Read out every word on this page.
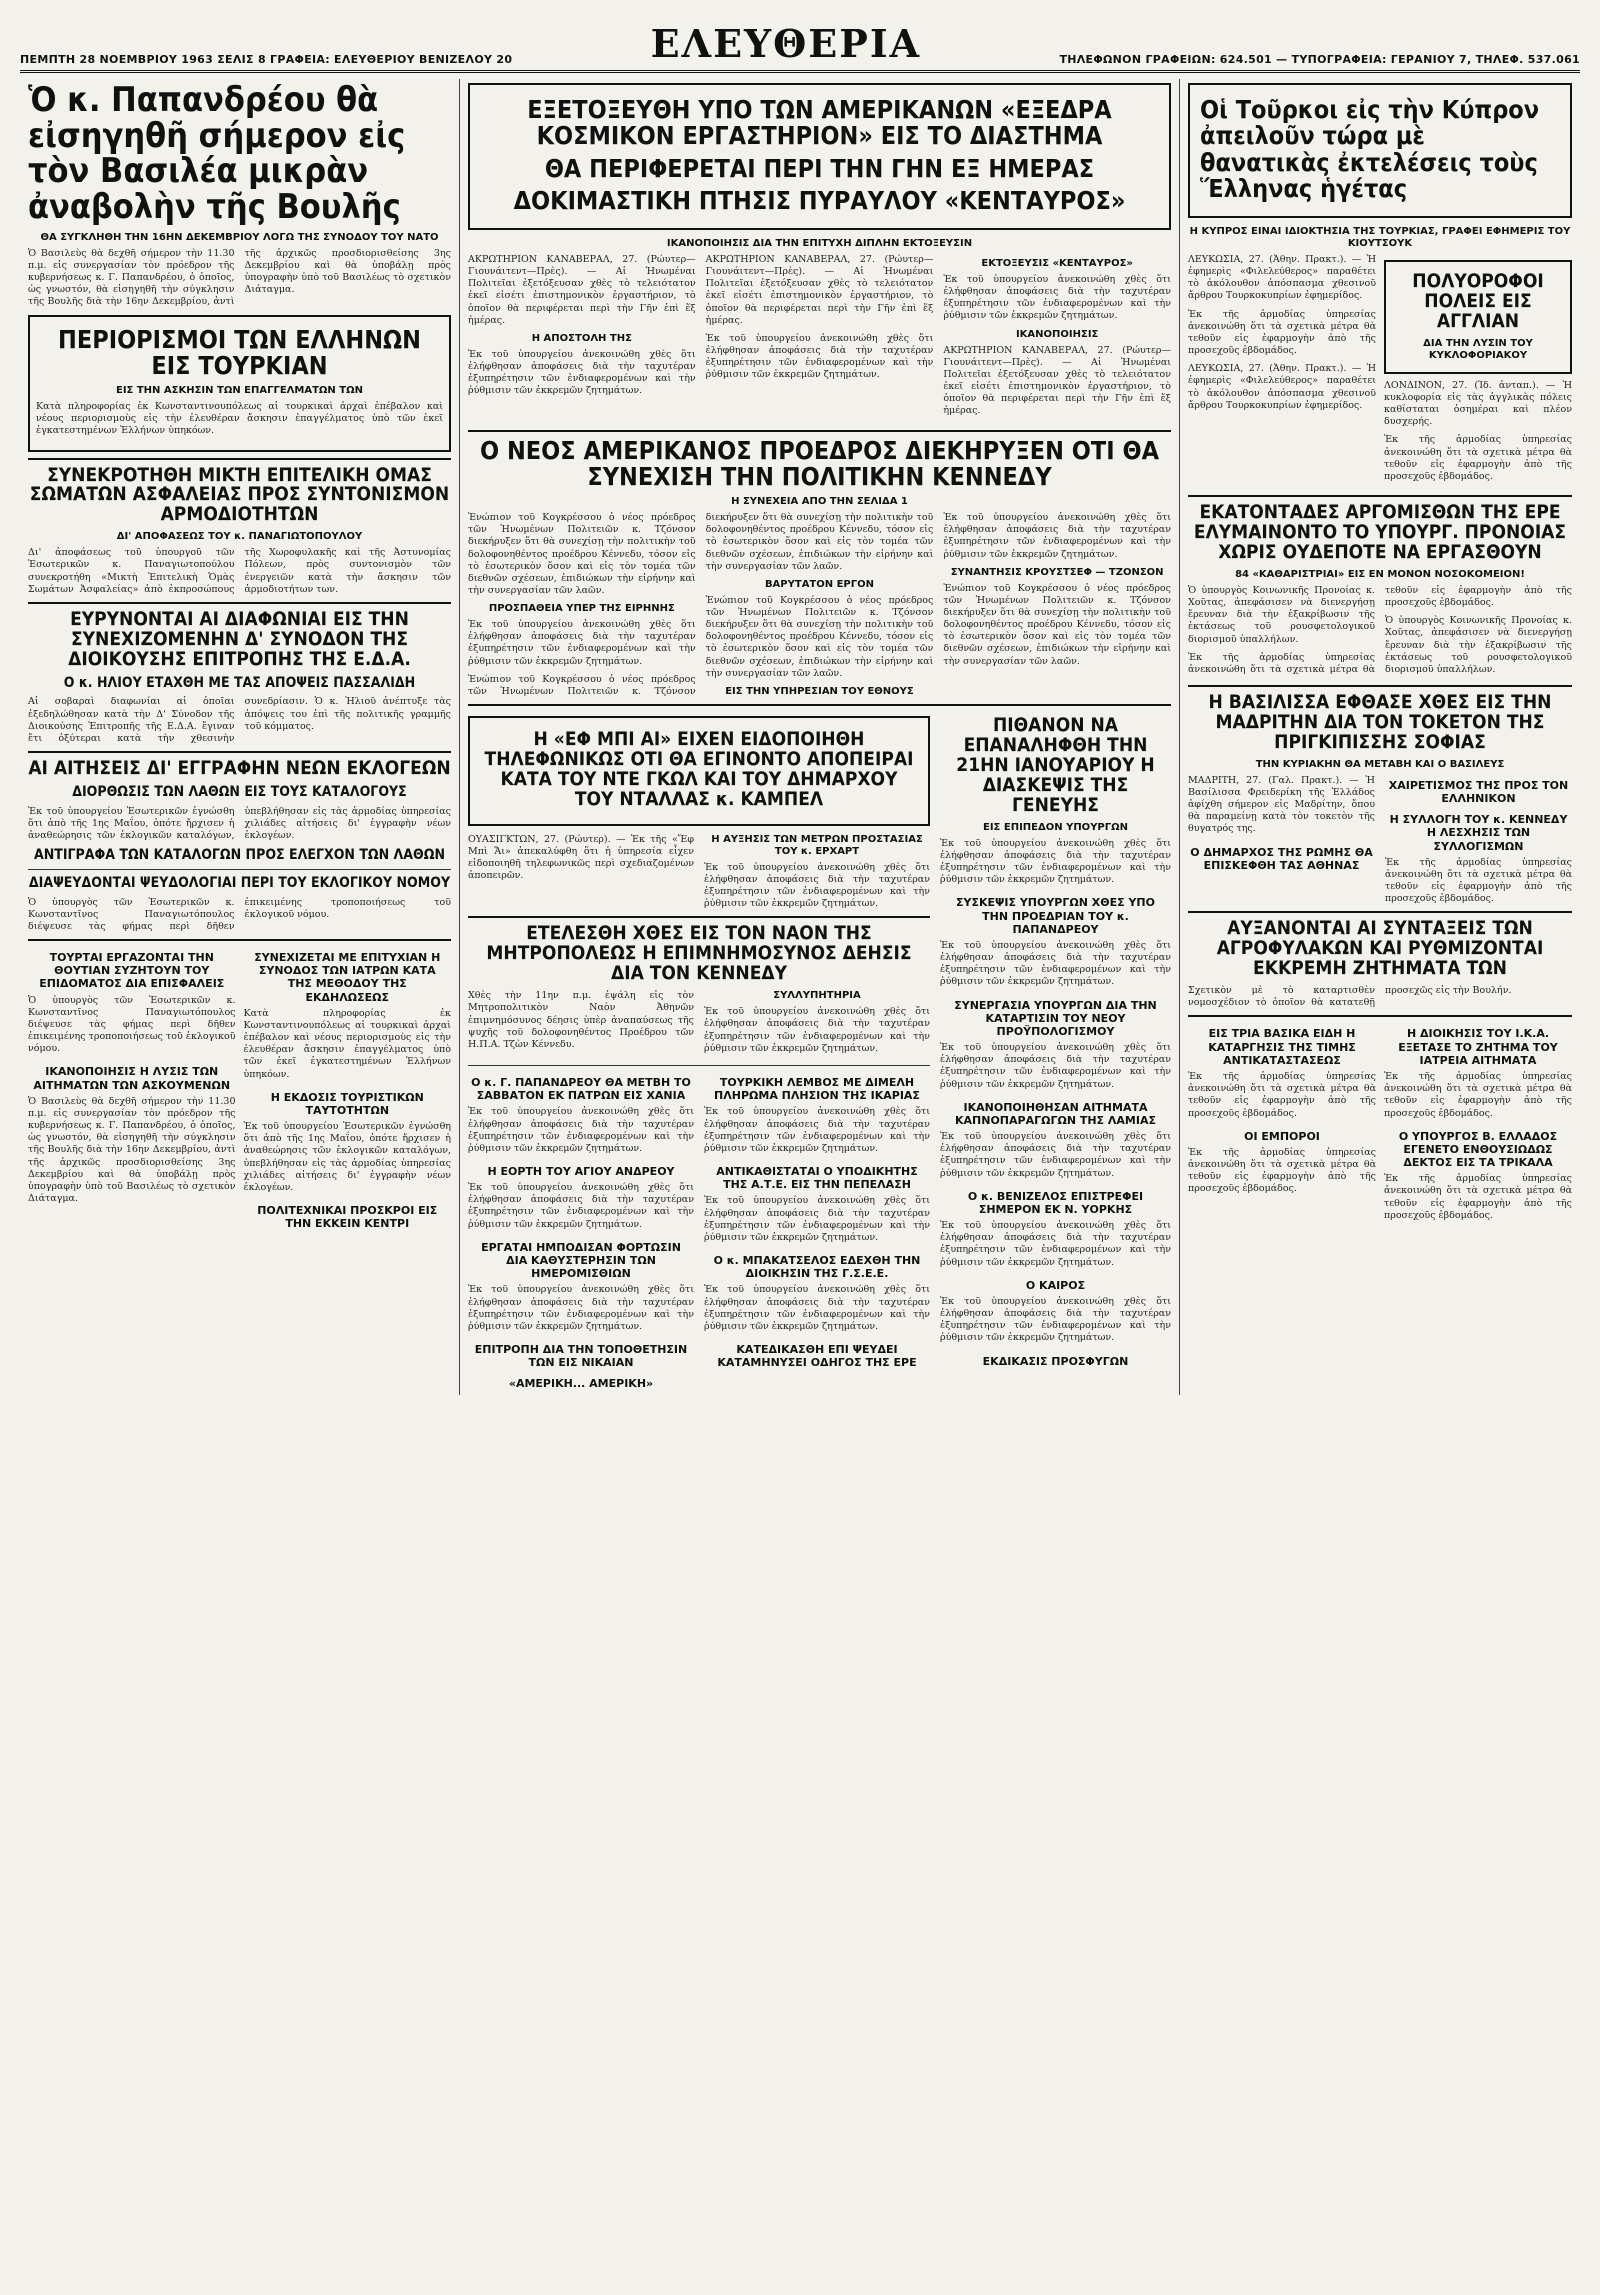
ΠΕΜΠΤΗ 28 ΝΟΕΜΒΡΙΟΥ 1963 ΣΕΛΙΣ 8 ΓΡΑΦΕΙΑ: ΕΛΕΥΘΕΡΙΟΥ ΒΕΝΙΖΕΛΟΥ 20	ΕΛΕΥΘΕΡΙΑ	ΤΗΛΕΦΩΝΟΝ ΓΡΑΦΕΙΩΝ: 624.501 — ΤΥΠΟΓΡΑΦΕΙΑ: ΓΕΡΑΝΙΟΥ 7, ΤΗΛΕΦ. 537.061
Ὁ κ. Παπανδρέου θὰ εἰσηγηθῆ σήμερον εἰς τὸν Βασιλέα μικρὰν ἀναβολὴν τῆς Βουλῆς
ΘΑ ΣΥΓΚΛΗΘΗ ΤΗΝ 16ΗΝ ΔΕΚΕΜΒΡΙΟΥ ΛΟΓΩ ΤΗΣ ΣΥΝΟΔΟΥ ΤΟΥ ΝΑΤΟ

Ὁ Βασιλεὺς θὰ δεχθῆ σήμερον τὴν 11.30 π.μ. εἰς συνεργασίαν τὸν πρόεδρον τῆς κυβερνήσεως κ. Γ. Παπανδρέου, ὁ ὁποῖος, ὡς γνωστόν, θὰ εἰσηγηθῆ τὴν σύγκλησιν τῆς Βουλῆς διὰ τὴν 16ην Δεκεμβρίου, ἀντὶ τῆς ἀρχικῶς προσδιορισθείσης 3ης Δεκεμβρίου καὶ θὰ ὑποβάλῃ πρὸς ὑπογραφὴν ὑπὸ τοῦ Βασιλέως τὸ σχετικὸν Διάταγμα.

ΠΕΡΙΟΡΙΣΜΟΙ ΤΩΝ ΕΛΛΗΝΩΝ ΕΙΣ ΤΟΥΡΚΙΑΝ
ΕΙΣ ΤΗΝ ΑΣΚΗΣΙΝ ΤΩΝ ΕΠΑΓΓΕΛΜΑΤΩΝ ΤΩΝ

Κατὰ πληροφορίας ἐκ Κωνσταντινουπόλεως αἱ τουρκικαὶ ἀρχαὶ ἐπέβαλον καὶ νέους περιορισμοὺς εἰς τὴν ἐλευθέραν ἄσκησιν ἐπαγγέλματος ὑπὸ τῶν ἐκεῖ ἐγκατεστημένων Ἑλλήνων ὑπηκόων.

ΣΥΝΕΚΡΟΤΗΘΗ ΜΙΚΤΗ ΕΠΙΤΕΛΙΚΗ ΟΜΑΣ ΣΩΜΑΤΩΝ ΑΣΦΑΛΕΙΑΣ ΠΡΟΣ ΣΥΝΤΟΝΙΣΜΟΝ ΑΡΜΟΔΙΟΤΗΤΩΝ
ΔΙ' ΑΠΟΦΑΣΕΩΣ ΤΟΥ κ. ΠΑΝΑΓΙΩΤΟΠΟΥΛΟΥ

Δι' ἀποφάσεως τοῦ ὑπουργοῦ τῶν Ἐσωτερικῶν κ. Παναγιωτοπούλου συνεκροτήθη «Μικτὴ Ἐπιτελικὴ Ὁμὰς Σωμάτων Ἀσφαλείας» ἀπὸ ἐκπροσώπους τῆς Χωροφυλακῆς καὶ τῆς Ἀστυνομίας Πόλεων, πρὸς συντονισμὸν τῶν ἐνεργειῶν κατὰ τὴν ἄσκησιν τῶν ἁρμοδιοτήτων των.

ΕΥΡΥΝΟΝΤΑΙ ΑΙ ΔΙΑΦΩΝΙΑΙ ΕΙΣ ΤΗΝ ΣΥΝΕΧΙΖΟΜΕΝΗΝ Δ' ΣΥΝΟΔΟΝ ΤΗΣ ΔΙΟΙΚΟΥΣΗΣ ΕΠΙΤΡΟΠΗΣ ΤΗΣ Ε.Δ.Α.
Ο κ. ΗΛΙΟΥ ΕΤΑΧΘΗ ΜΕ ΤΑΣ ΑΠΟΨΕΙΣ ΠΑΣΣΑΛΙΔΗ

Αἱ σοβαραὶ διαφωνίαι αἱ ὁποῖαι ἐξεδηλώθησαν κατὰ τὴν Δ' Σύνοδον τῆς Διοικούσης Ἐπιτροπῆς τῆς Ε.Δ.Α. ἔγιναν ἔτι ὀξύτεραι κατὰ τὴν χθεσινὴν συνεδρίασιν. Ὁ κ. Ἠλιοῦ ἀνέπτυξε τὰς ἀπόψεις του ἐπὶ τῆς πολιτικῆς γραμμῆς τοῦ κόμματος.

ΑΙ ΑΙΤΗΣΕΙΣ ΔΙ' ΕΓΓΡΑΦΗΝ ΝΕΩΝ ΕΚΛΟΓΕΩΝ
ΔΙΟΡΘΩΣΙΣ ΤΩΝ ΛΑΘΩΝ ΕΙΣ ΤΟΥΣ ΚΑΤΑΛΟΓΟΥΣ

Ἐκ τοῦ ὑπουργείου Ἐσωτερικῶν ἐγνώσθη ὅτι ἀπὸ τῆς 1ης Μαΐου, ὁπότε ἤρχισεν ἡ ἀναθεώρησις τῶν ἐκλογικῶν καταλόγων, ὑπεβλήθησαν εἰς τὰς ἁρμοδίας ὑπηρεσίας χιλιάδες αἰτήσεις δι' ἐγγραφὴν νέων ἐκλογέων.

ΑΝΤΙΓΡΑΦΑ ΤΩΝ ΚΑΤΑΛΟΓΩΝ ΠΡΟΣ ΕΛΕΓΧΟΝ ΤΩΝ ΛΑΘΩΝ
ΔΙΑΨΕΥΔΟΝΤΑΙ ΨΕΥΔΟΛΟΓΙΑΙ ΠΕΡΙ ΤΟΥ ΕΚΛΟΓΙΚΟΥ ΝΟΜΟΥ

Ὁ ὑπουργὸς τῶν Ἐσωτερικῶν κ. Κωνσταντῖνος Παναγιωτόπουλος διέψευσε τὰς φήμας περὶ δῆθεν ἐπικειμένης τροποποιήσεως τοῦ ἐκλογικοῦ νόμου.

ΤΟΥΡΤΑΙ ΕΡΓΑΖΟΝΤΑΙ ΤΗΝ ΘΟΥΤΙΑΝ ΣΥΖΗΤΟΥΝ ΤΟΥ ΕΠΙΔΟΜΑΤΟΣ ΔΙΑ ΕΠΙΣΦΑΛΕΙΣ

Ὁ ὑπουργὸς τῶν Ἐσωτερικῶν κ. Κωνσταντῖνος Παναγιωτόπουλος διέψευσε τὰς φήμας περὶ δῆθεν ἐπικειμένης τροποποιήσεως τοῦ ἐκλογικοῦ νόμου.

ΙΚΑΝΟΠΟΙΗΣΙΣ Η ΛΥΣΙΣ ΤΩΝ ΑΙΤΗΜΑΤΩΝ ΤΩΝ ΑΣΚΟΥΜΕΝΩΝ

Ὁ Βασιλεὺς θὰ δεχθῆ σήμερον τὴν 11.30 π.μ. εἰς συνεργασίαν τὸν πρόεδρον τῆς κυβερνήσεως κ. Γ. Παπανδρέου, ὁ ὁποῖος, ὡς γνωστόν, θὰ εἰσηγηθῆ τὴν σύγκλησιν τῆς Βουλῆς διὰ τὴν 16ην Δεκεμβρίου, ἀντὶ τῆς ἀρχικῶς προσδιορισθείσης 3ης Δεκεμβρίου καὶ θὰ ὑποβάλῃ πρὸς ὑπογραφὴν ὑπὸ τοῦ Βασιλέως τὸ σχετικὸν Διάταγμα.

ΣΥΝΕΧΙΖΕΤΑΙ ΜΕ ΕΠΙΤΥΧΙΑΝ Η ΣΥΝΟΔΟΣ ΤΩΝ ΙΑΤΡΩΝ ΚΑΤΑ ΤΗΣ ΜΕΘΟΔΟΥ ΤΗΣ ΕΚΔΗΛΩΣΕΩΣ

Κατὰ πληροφορίας ἐκ Κωνσταντινουπόλεως αἱ τουρκικαὶ ἀρχαὶ ἐπέβαλον καὶ νέους περιορισμοὺς εἰς τὴν ἐλευθέραν ἄσκησιν ἐπαγγέλματος ὑπὸ τῶν ἐκεῖ ἐγκατεστημένων Ἑλλήνων ὑπηκόων.

Η ΕΚΔΟΣΙΣ ΤΟΥΡΙΣΤΙΚΩΝ ΤΑΥΤΟΤΗΤΩΝ

Ἐκ τοῦ ὑπουργείου Ἐσωτερικῶν ἐγνώσθη ὅτι ἀπὸ τῆς 1ης Μαΐου, ὁπότε ἤρχισεν ἡ ἀναθεώρησις τῶν ἐκλογικῶν καταλόγων, ὑπεβλήθησαν εἰς τὰς ἁρμοδίας ὑπηρεσίας χιλιάδες αἰτήσεις δι' ἐγγραφὴν νέων ἐκλογέων.

ΠΟΛΙΤΕΧΝΙΚΑΙ ΠΡΟΣΚΡΟΙ ΕΙΣ ΤΗΝ ΕΚΚΕΙΝ ΚΕΝΤΡΙ
ΕΞΕΤΟΞΕΥΘΗ ΥΠΟ ΤΩΝ ΑΜΕΡΙΚΑΝΩΝ «ΕΞΕΔΡΑ ΚΟΣΜΙΚΟΝ ΕΡΓΑΣΤΗΡΙΟΝ» ΕΙΣ ΤΟ ΔΙΑΣΤΗΜΑ
ΘΑ ΠΕΡΙΦΕΡΕΤΑΙ ΠΕΡΙ ΤΗΝ ΓΗΝ ΕΞ ΗΜΕΡΑΣ
ΔΟΚΙΜΑΣΤΙΚΗ ΠΤΗΣΙΣ ΠΥΡΑΥΛΟΥ «ΚΕΝΤΑΥΡΟΣ»
ΙΚΑΝΟΠΟΙΗΣΙΣ ΔΙΑ ΤΗΝ ΕΠΙΤΥΧΗ ΔΙΠΛΗΝ ΕΚΤΟΞΕΥΣΙΝ

ΑΚΡΩΤΗΡΙΟΝ ΚΑΝΑΒΕΡΑΛ, 27. (Ρώυτερ—Γιουνάιτεντ—Πρὲς). — Αἱ Ἡνωμέναι Πολιτεῖαι ἐξετόξευσαν χθὲς τὸ τελειότατον ἐκεῖ εἰσέτι ἐπιστημονικὸν ἐργαστήριον, τὸ ὁποῖον θὰ περιφέρεται περὶ τὴν Γῆν ἐπὶ ἕξ ἡμέρας.

Η ΑΠΟΣΤΟΛΗ ΤΗΣ

Ἐκ τοῦ ὑπουργείου ἀνεκοινώθη χθὲς ὅτι ἐλήφθησαν ἀποφάσεις διὰ τὴν ταχυτέραν ἐξυπηρέτησιν τῶν ἐνδιαφερομένων καὶ τὴν ῥύθμισιν τῶν ἐκκρεμῶν ζητημάτων.

ΑΚΡΩΤΗΡΙΟΝ ΚΑΝΑΒΕΡΑΛ, 27. (Ρώυτερ—Γιουνάιτεντ—Πρὲς). — Αἱ Ἡνωμέναι Πολιτεῖαι ἐξετόξευσαν χθὲς τὸ τελειότατον ἐκεῖ εἰσέτι ἐπιστημονικὸν ἐργαστήριον, τὸ ὁποῖον θὰ περιφέρεται περὶ τὴν Γῆν ἐπὶ ἕξ ἡμέρας.

Ἐκ τοῦ ὑπουργείου ἀνεκοινώθη χθὲς ὅτι ἐλήφθησαν ἀποφάσεις διὰ τὴν ταχυτέραν ἐξυπηρέτησιν τῶν ἐνδιαφερομένων καὶ τὴν ῥύθμισιν τῶν ἐκκρεμῶν ζητημάτων.

ΕΚΤΟΞΕΥΣΙΣ «ΚΕΝΤΑΥΡΟΣ»

Ἐκ τοῦ ὑπουργείου ἀνεκοινώθη χθὲς ὅτι ἐλήφθησαν ἀποφάσεις διὰ τὴν ταχυτέραν ἐξυπηρέτησιν τῶν ἐνδιαφερομένων καὶ τὴν ῥύθμισιν τῶν ἐκκρεμῶν ζητημάτων.

ΙΚΑΝΟΠΟΙΗΣΙΣ

ΑΚΡΩΤΗΡΙΟΝ ΚΑΝΑΒΕΡΑΛ, 27. (Ρώυτερ—Γιουνάιτεντ—Πρὲς). — Αἱ Ἡνωμέναι Πολιτεῖαι ἐξετόξευσαν χθὲς τὸ τελειότατον ἐκεῖ εἰσέτι ἐπιστημονικὸν ἐργαστήριον, τὸ ὁποῖον θὰ περιφέρεται περὶ τὴν Γῆν ἐπὶ ἕξ ἡμέρας.

Ο ΝΕΟΣ ΑΜΕΡΙΚΑΝΟΣ ΠΡΟΕΔΡΟΣ ΔΙΕΚΗΡΥΞΕΝ ΟΤΙ ΘΑ ΣΥΝΕΧΙΣΗ ΤΗΝ ΠΟΛΙΤΙΚΗΝ ΚΕΝΝΕΔΥ
Η ΣΥΝΕΧΕΙΑ ΑΠΟ ΤΗΝ ΣΕΛΙΔΑ 1

Ἐνώπιον τοῦ Κογκρέσσου ὁ νέος πρόεδρος τῶν Ἡνωμένων Πολιτειῶν κ. Τζόνσον διεκήρυξεν ὅτι θὰ συνεχίσῃ τὴν πολιτικὴν τοῦ δολοφονηθέντος προέδρου Κέννεδυ, τόσον εἰς τὸ ἐσωτερικὸν ὅσον καὶ εἰς τὸν τομέα τῶν διεθνῶν σχέσεων, ἐπιδιώκων τὴν εἰρήνην καὶ τὴν συνεργασίαν τῶν λαῶν.

ΠΡΟΣΠΑΘΕΙΑ ΥΠΕΡ ΤΗΣ ΕΙΡΗΝΗΣ

Ἐκ τοῦ ὑπουργείου ἀνεκοινώθη χθὲς ὅτι ἐλήφθησαν ἀποφάσεις διὰ τὴν ταχυτέραν ἐξυπηρέτησιν τῶν ἐνδιαφερομένων καὶ τὴν ῥύθμισιν τῶν ἐκκρεμῶν ζητημάτων.

Ἐνώπιον τοῦ Κογκρέσσου ὁ νέος πρόεδρος τῶν Ἡνωμένων Πολιτειῶν κ. Τζόνσον διεκήρυξεν ὅτι θὰ συνεχίσῃ τὴν πολιτικὴν τοῦ δολοφονηθέντος προέδρου Κέννεδυ, τόσον εἰς τὸ ἐσωτερικὸν ὅσον καὶ εἰς τὸν τομέα τῶν διεθνῶν σχέσεων, ἐπιδιώκων τὴν εἰρήνην καὶ τὴν συνεργασίαν τῶν λαῶν.

ΒΑΡΥΤΑΤΟΝ ΕΡΓΟΝ

Ἐνώπιον τοῦ Κογκρέσσου ὁ νέος πρόεδρος τῶν Ἡνωμένων Πολιτειῶν κ. Τζόνσον διεκήρυξεν ὅτι θὰ συνεχίσῃ τὴν πολιτικὴν τοῦ δολοφονηθέντος προέδρου Κέννεδυ, τόσον εἰς τὸ ἐσωτερικὸν ὅσον καὶ εἰς τὸν τομέα τῶν διεθνῶν σχέσεων, ἐπιδιώκων τὴν εἰρήνην καὶ τὴν συνεργασίαν τῶν λαῶν.

ΕΙΣ ΤΗΝ ΥΠΗΡΕΣΙΑΝ ΤΟΥ ΕΘΝΟΥΣ

Ἐκ τοῦ ὑπουργείου ἀνεκοινώθη χθὲς ὅτι ἐλήφθησαν ἀποφάσεις διὰ τὴν ταχυτέραν ἐξυπηρέτησιν τῶν ἐνδιαφερομένων καὶ τὴν ῥύθμισιν τῶν ἐκκρεμῶν ζητημάτων.

ΣΥΝΑΝΤΗΣΙΣ ΚΡΟΥΣΤΣΕΦ — ΤΖΟΝΣΟΝ

Ἐνώπιον τοῦ Κογκρέσσου ὁ νέος πρόεδρος τῶν Ἡνωμένων Πολιτειῶν κ. Τζόνσον διεκήρυξεν ὅτι θὰ συνεχίσῃ τὴν πολιτικὴν τοῦ δολοφονηθέντος προέδρου Κέννεδυ, τόσον εἰς τὸ ἐσωτερικὸν ὅσον καὶ εἰς τὸν τομέα τῶν διεθνῶν σχέσεων, ἐπιδιώκων τὴν εἰρήνην καὶ τὴν συνεργασίαν τῶν λαῶν.

Η «ΕΦ ΜΠΙ ΑΙ» ΕΙΧΕΝ ΕΙΔΟΠΟΙΗΘΗ ΤΗΛΕΦΩΝΙΚΩΣ ΟΤΙ ΘΑ ΕΓΙΝΟΝΤΟ ΑΠΟΠΕΙΡΑΙ ΚΑΤΑ ΤΟΥ ΝΤΕ ΓΚΩΛ ΚΑΙ ΤΟΥ ΔΗΜΑΡΧΟΥ ΤΟΥ ΝΤΑΛΛΑΣ κ. ΚΑΜΠΕΛ

ΟΥΑΣΙΓΚΤΩΝ, 27. (Ρώυτερ). — Ἐκ τῆς «Ἔφ Μπὶ Ἄι» ἀπεκαλύφθη ὅτι ἡ ὑπηρεσία εἶχεν εἰδοποιηθῆ τηλεφωνικῶς περὶ σχεδιαζομένων ἀποπειρῶν.

Η ΑΥΞΗΣΙΣ ΤΩΝ ΜΕΤΡΩΝ ΠΡΟΣΤΑΣΙΑΣ ΤΟΥ κ. ΕΡΧΑΡΤ

Ἐκ τοῦ ὑπουργείου ἀνεκοινώθη χθὲς ὅτι ἐλήφθησαν ἀποφάσεις διὰ τὴν ταχυτέραν ἐξυπηρέτησιν τῶν ἐνδιαφερομένων καὶ τὴν ῥύθμισιν τῶν ἐκκρεμῶν ζητημάτων.

ΕΤΕΛΕΣΘΗ ΧΘΕΣ ΕΙΣ ΤΟΝ ΝΑΟΝ ΤΗΣ ΜΗΤΡΟΠΟΛΕΩΣ Η ΕΠΙΜΝΗΜΟΣΥΝΟΣ ΔΕΗΣΙΣ ΔΙΑ ΤΟΝ ΚΕΝΝΕΔΥ

Χθὲς τὴν 11ην π.μ. ἐψάλη εἰς τὸν Μητροπολιτικὸν Ναὸν Ἀθηνῶν ἐπιμνημόσυνος δέησις ὑπὲρ ἀναπαύσεως τῆς ψυχῆς τοῦ δολοφονηθέντος Προέδρου τῶν Η.Π.Α. Τζὼν Κέννεδυ.

ΣΥΛΛΥΠΗΤΗΡΙΑ

Ἐκ τοῦ ὑπουργείου ἀνεκοινώθη χθὲς ὅτι ἐλήφθησαν ἀποφάσεις διὰ τὴν ταχυτέραν ἐξυπηρέτησιν τῶν ἐνδιαφερομένων καὶ τὴν ῥύθμισιν τῶν ἐκκρεμῶν ζητημάτων.

Ο κ. Γ. ΠΑΠΑΝΔΡΕΟΥ ΘΑ ΜΕΤΒΗ ΤΟ ΣΑΒΒΑΤΟΝ ΕΚ ΠΑΤΡΩΝ ΕΙΣ ΧΑΝΙΑ

Ἐκ τοῦ ὑπουργείου ἀνεκοινώθη χθὲς ὅτι ἐλήφθησαν ἀποφάσεις διὰ τὴν ταχυτέραν ἐξυπηρέτησιν τῶν ἐνδιαφερομένων καὶ τὴν ῥύθμισιν τῶν ἐκκρεμῶν ζητημάτων.

Η ΕΟΡΤΗ ΤΟΥ ΑΓΙΟΥ ΑΝΔΡΕΟΥ

Ἐκ τοῦ ὑπουργείου ἀνεκοινώθη χθὲς ὅτι ἐλήφθησαν ἀποφάσεις διὰ τὴν ταχυτέραν ἐξυπηρέτησιν τῶν ἐνδιαφερομένων καὶ τὴν ῥύθμισιν τῶν ἐκκρεμῶν ζητημάτων.

ΕΡΓΑΤΑΙ ΗΜΠΟΔΙΣΑΝ ΦΟΡΤΩΣΙΝ ΔΙΑ ΚΑΘΥΣΤΕΡΗΣΙΝ ΤΩΝ ΗΜΕΡΟΜΙΣΘΙΩΝ

Ἐκ τοῦ ὑπουργείου ἀνεκοινώθη χθὲς ὅτι ἐλήφθησαν ἀποφάσεις διὰ τὴν ταχυτέραν ἐξυπηρέτησιν τῶν ἐνδιαφερομένων καὶ τὴν ῥύθμισιν τῶν ἐκκρεμῶν ζητημάτων.

ΕΠΙΤΡΟΠΗ ΔΙΑ ΤΗΝ ΤΟΠΟΘΕΤΗΣΙΝ ΤΩΝ ΕΙΣ ΝΙΚΑΙΑΝ
«ΑΜΕΡΙΚΗ... ΑΜΕΡΙΚΗ»
ΤΟΥΡΚΙΚΗ ΛΕΜΒΟΣ ΜΕ ΔΙΜΕΛΗ ΠΛΗΡΩΜΑ ΠΛΗΣΙΟΝ ΤΗΣ ΙΚΑΡΙΑΣ

Ἐκ τοῦ ὑπουργείου ἀνεκοινώθη χθὲς ὅτι ἐλήφθησαν ἀποφάσεις διὰ τὴν ταχυτέραν ἐξυπηρέτησιν τῶν ἐνδιαφερομένων καὶ τὴν ῥύθμισιν τῶν ἐκκρεμῶν ζητημάτων.

ΑΝΤΙΚΑΘΙΣΤΑΤΑΙ Ο ΥΠΟΔΙΚΗΤΗΣ ΤΗΣ Α.Τ.Ε. ΕΙΣ ΤΗΝ ΠΕΠΕΛΑΣΗ

Ἐκ τοῦ ὑπουργείου ἀνεκοινώθη χθὲς ὅτι ἐλήφθησαν ἀποφάσεις διὰ τὴν ταχυτέραν ἐξυπηρέτησιν τῶν ἐνδιαφερομένων καὶ τὴν ῥύθμισιν τῶν ἐκκρεμῶν ζητημάτων.

Ο κ. ΜΠΑΚΑΤΣΕΛΟΣ ΕΔΕΧΘΗ ΤΗΝ ΔΙΟΙΚΗΣΙΝ ΤΗΣ Γ.Σ.Ε.Ε.

Ἐκ τοῦ ὑπουργείου ἀνεκοινώθη χθὲς ὅτι ἐλήφθησαν ἀποφάσεις διὰ τὴν ταχυτέραν ἐξυπηρέτησιν τῶν ἐνδιαφερομένων καὶ τὴν ῥύθμισιν τῶν ἐκκρεμῶν ζητημάτων.

ΚΑΤΕΔΙΚΑΣΘΗ ΕΠΙ ΨΕΥΔΕΙ ΚΑΤΑΜΗΝΥΣΕΙ ΟΔΗΓΟΣ ΤΗΣ ΕΡΕ
ΠΙΘΑΝΟΝ ΝΑ ΕΠΑΝΑΛΗΦΘΗ ΤΗΝ 21ΗΝ ΙΑΝΟΥΑΡΙΟΥ Η ΔΙΑΣΚΕΨΙΣ ΤΗΣ ΓΕΝΕΥΗΣ
ΕΙΣ ΕΠΙΠΕΔΟΝ ΥΠΟΥΡΓΩΝ

Ἐκ τοῦ ὑπουργείου ἀνεκοινώθη χθὲς ὅτι ἐλήφθησαν ἀποφάσεις διὰ τὴν ταχυτέραν ἐξυπηρέτησιν τῶν ἐνδιαφερομένων καὶ τὴν ῥύθμισιν τῶν ἐκκρεμῶν ζητημάτων.

ΣΥΣΚΕΨΙΣ ΥΠΟΥΡΓΩΝ ΧΘΕΣ ΥΠΟ ΤΗΝ ΠΡΟΕΔΡΙΑΝ ΤΟΥ κ. ΠΑΠΑΝΔΡΕΟΥ

Ἐκ τοῦ ὑπουργείου ἀνεκοινώθη χθὲς ὅτι ἐλήφθησαν ἀποφάσεις διὰ τὴν ταχυτέραν ἐξυπηρέτησιν τῶν ἐνδιαφερομένων καὶ τὴν ῥύθμισιν τῶν ἐκκρεμῶν ζητημάτων.

ΣΥΝΕΡΓΑΣΙΑ ΥΠΟΥΡΓΩΝ ΔΙΑ ΤΗΝ ΚΑΤΑΡΤΙΣΙΝ ΤΟΥ ΝΕΟΥ ΠΡΟΫΠΟΛΟΓΙΣΜΟΥ

Ἐκ τοῦ ὑπουργείου ἀνεκοινώθη χθὲς ὅτι ἐλήφθησαν ἀποφάσεις διὰ τὴν ταχυτέραν ἐξυπηρέτησιν τῶν ἐνδιαφερομένων καὶ τὴν ῥύθμισιν τῶν ἐκκρεμῶν ζητημάτων.

ΙΚΑΝΟΠΟΙΗΘΗΣΑΝ ΑΙΤΗΜΑΤΑ ΚΑΠΝΟΠΑΡΑΓΩΓΩΝ ΤΗΣ ΛΑΜΙΑΣ

Ἐκ τοῦ ὑπουργείου ἀνεκοινώθη χθὲς ὅτι ἐλήφθησαν ἀποφάσεις διὰ τὴν ταχυτέραν ἐξυπηρέτησιν τῶν ἐνδιαφερομένων καὶ τὴν ῥύθμισιν τῶν ἐκκρεμῶν ζητημάτων.

Ο κ. ΒΕΝΙΖΕΛΟΣ ΕΠΙΣΤΡΕΦΕΙ ΣΗΜΕΡΟΝ ΕΚ Ν. ΥΟΡΚΗΣ

Ἐκ τοῦ ὑπουργείου ἀνεκοινώθη χθὲς ὅτι ἐλήφθησαν ἀποφάσεις διὰ τὴν ταχυτέραν ἐξυπηρέτησιν τῶν ἐνδιαφερομένων καὶ τὴν ῥύθμισιν τῶν ἐκκρεμῶν ζητημάτων.

Ο ΚΑΙΡΟΣ

Ἐκ τοῦ ὑπουργείου ἀνεκοινώθη χθὲς ὅτι ἐλήφθησαν ἀποφάσεις διὰ τὴν ταχυτέραν ἐξυπηρέτησιν τῶν ἐνδιαφερομένων καὶ τὴν ῥύθμισιν τῶν ἐκκρεμῶν ζητημάτων.

ΕΚΔΙΚΑΣΙΣ ΠΡΟΣΦΥΓΩΝ
Οἱ Τοῦρκοι εἰς τὴν Κύπρον ἀπειλοῦν τώρα μὲ θανατικὰς ἐκτελέσεις τοὺς Ἕλληνας ἡγέτας
Η ΚΥΠΡΟΣ ΕΙΝΑΙ ΙΔΙΟΚΤΗΣΙΑ ΤΗΣ ΤΟΥΡΚΙΑΣ, ΓΡΑΦΕΙ ΕΦΗΜΕΡΙΣ ΤΟΥ ΚΙΟΥΤΣΟΥΚ

ΛΕΥΚΩΣΙΑ, 27. (Ἀθην. Πρακτ.). — Ἡ ἐφημερὶς «Φιλελεύθερος» παραθέτει τὸ ἀκόλουθον ἀπόσπασμα χθεσινοῦ ἄρθρου Τουρκοκυπρίων ἐφημερίδος.

Ἐκ τῆς ἁρμοδίας ὑπηρεσίας ἀνεκοινώθη ὅτι τὰ σχετικὰ μέτρα θὰ τεθοῦν εἰς ἐφαρμογὴν ἀπὸ τῆς προσεχοῦς ἑβδομάδος.

ΛΕΥΚΩΣΙΑ, 27. (Ἀθην. Πρακτ.). — Ἡ ἐφημερὶς «Φιλελεύθερος» παραθέτει τὸ ἀκόλουθον ἀπόσπασμα χθεσινοῦ ἄρθρου Τουρκοκυπρίων ἐφημερίδος.

ΠΟΛΥΟΡΟΦΟΙ ΠΟΛΕΙΣ ΕΙΣ ΑΓΓΛΙΑΝ
ΔΙΑ ΤΗΝ ΛΥΣΙΝ ΤΟΥ ΚΥΚΛΟΦΟΡΙΑΚΟΥ

ΛΟΝΔΙΝΟΝ, 27. (Ἰδ. ἀνταπ.). — Ἡ κυκλοφορία εἰς τὰς ἀγγλικὰς πόλεις καθίσταται ὁσημέραι καὶ πλέον δυσχερής.

Ἐκ τῆς ἁρμοδίας ὑπηρεσίας ἀνεκοινώθη ὅτι τὰ σχετικὰ μέτρα θὰ τεθοῦν εἰς ἐφαρμογὴν ἀπὸ τῆς προσεχοῦς ἑβδομάδος.

ΕΚΑΤΟΝΤΑΔΕΣ ΑΡΓΟΜΙΣΘΩΝ ΤΗΣ ΕΡΕ ΕΛΥΜΑΙΝΟΝΤΟ ΤΟ ΥΠΟΥΡΓ. ΠΡΟΝΟΙΑΣ ΧΩΡΙΣ ΟΥΔΕΠΟΤΕ ΝΑ ΕΡΓΑΣΘΟΥΝ
84 «ΚΑΘΑΡΙΣΤΡΙΑΙ» ΕΙΣ ΕΝ ΜΟΝΟΝ ΝΟΣΟΚΟΜΕΙΟΝ!

Ὁ ὑπουργὸς Κοινωνικῆς Προνοίας κ. Χοῦτας, ἀπεφάσισεν νὰ διενεργήσῃ ἔρευναν διὰ τὴν ἐξακρίβωσιν τῆς ἐκτάσεως τοῦ ρουσφετολογικοῦ διορισμοῦ ὑπαλλήλων.

Ἐκ τῆς ἁρμοδίας ὑπηρεσίας ἀνεκοινώθη ὅτι τὰ σχετικὰ μέτρα θὰ τεθοῦν εἰς ἐφαρμογὴν ἀπὸ τῆς προσεχοῦς ἑβδομάδος.

Ὁ ὑπουργὸς Κοινωνικῆς Προνοίας κ. Χοῦτας, ἀπεφάσισεν νὰ διενεργήσῃ ἔρευναν διὰ τὴν ἐξακρίβωσιν τῆς ἐκτάσεως τοῦ ρουσφετολογικοῦ διορισμοῦ ὑπαλλήλων.

Η ΒΑΣΙΛΙΣΣΑ ΕΦΘΑΣΕ ΧΘΕΣ ΕΙΣ ΤΗΝ ΜΑΔΡΙΤΗΝ ΔΙΑ ΤΟΝ ΤΟΚΕΤΟΝ ΤΗΣ ΠΡΙΓΚΙΠΙΣΣΗΣ ΣΟΦΙΑΣ
ΤΗΝ ΚΥΡΙΑΚΗΝ ΘΑ ΜΕΤΑΒΗ ΚΑΙ Ο ΒΑΣΙΛΕΥΣ

ΜΑΔΡΙΤΗ, 27. (Γαλ. Πρακτ.). — Ἡ Βασίλισσα Φρειδερίκη τῆς Ἑλλάδος ἀφίχθη σήμερον εἰς Μαδρίτην, ὅπου θὰ παραμείνῃ κατὰ τὸν τοκετὸν τῆς θυγατρός της.

Ο ΔΗΜΑΡΧΟΣ ΤΗΣ ΡΩΜΗΣ ΘΑ ΕΠΙΣΚΕΦΘΗ ΤΑΣ ΑΘΗΝΑΣ
ΧΑΙΡΕΤΙΣΜΟΣ ΤΗΣ ΠΡΟΣ ΤΟΝ ΕΛΛΗΝΙΚΟΝ
Η ΣΥΛΛΟΓΗ ΤΟΥ κ. ΚΕΝΝΕΔΥ Η ΛΕΣΧΗΣΙΣ ΤΩΝ ΣΥΛΛΟΓΙΣΜΩΝ

Ἐκ τῆς ἁρμοδίας ὑπηρεσίας ἀνεκοινώθη ὅτι τὰ σχετικὰ μέτρα θὰ τεθοῦν εἰς ἐφαρμογὴν ἀπὸ τῆς προσεχοῦς ἑβδομάδος.

ΑΥΞΑΝΟΝΤΑΙ ΑΙ ΣΥΝΤΑΞΕΙΣ ΤΩΝ ΑΓΡΟΦΥΛΑΚΩΝ ΚΑΙ ΡΥΘΜΙΖΟΝΤΑΙ ΕΚΚΡΕΜΗ ΖΗΤΗΜΑΤΑ ΤΩΝ

Σχετικὸν μὲ τὸ καταρτισθὲν νομοσχέδιον τὸ ὁποῖον θὰ κατατεθῇ προσεχῶς εἰς τὴν Βουλήν.

ΕΙΣ ΤΡΙΑ ΒΑΣΙΚΑ ΕΙΔΗ Η ΚΑΤΑΡΓΗΣΙΣ ΤΗΣ ΤΙΜΗΣ ΑΝΤΙΚΑΤΑΣΤΑΣΕΩΣ

Ἐκ τῆς ἁρμοδίας ὑπηρεσίας ἀνεκοινώθη ὅτι τὰ σχετικὰ μέτρα θὰ τεθοῦν εἰς ἐφαρμογὴν ἀπὸ τῆς προσεχοῦς ἑβδομάδος.

ΟΙ ΕΜΠΟΡΟΙ

Ἐκ τῆς ἁρμοδίας ὑπηρεσίας ἀνεκοινώθη ὅτι τὰ σχετικὰ μέτρα θὰ τεθοῦν εἰς ἐφαρμογὴν ἀπὸ τῆς προσεχοῦς ἑβδομάδος.

Η ΔΙΟΙΚΗΣΙΣ ΤΟΥ Ι.Κ.Α. ΕΞΕΤΑΣΕ ΤΟ ΖΗΤΗΜΑ ΤΟΥ ΙΑΤΡΕΙΑ ΑΙΤΗΜΑΤΑ

Ἐκ τῆς ἁρμοδίας ὑπηρεσίας ἀνεκοινώθη ὅτι τὰ σχετικὰ μέτρα θὰ τεθοῦν εἰς ἐφαρμογὴν ἀπὸ τῆς προσεχοῦς ἑβδομάδος.

Ο ΥΠΟΥΡΓΟΣ Β. ΕΛΛΑΔΟΣ ΕΓΕΝΕΤΟ ΕΝΘΟΥΣΙΩΔΩΣ ΔΕΚΤΟΣ ΕΙΣ ΤΑ ΤΡΙΚΑΛΑ

Ἐκ τῆς ἁρμοδίας ὑπηρεσίας ἀνεκοινώθη ὅτι τὰ σχετικὰ μέτρα θὰ τεθοῦν εἰς ἐφαρμογὴν ἀπὸ τῆς προσεχοῦς ἑβδομάδος.
